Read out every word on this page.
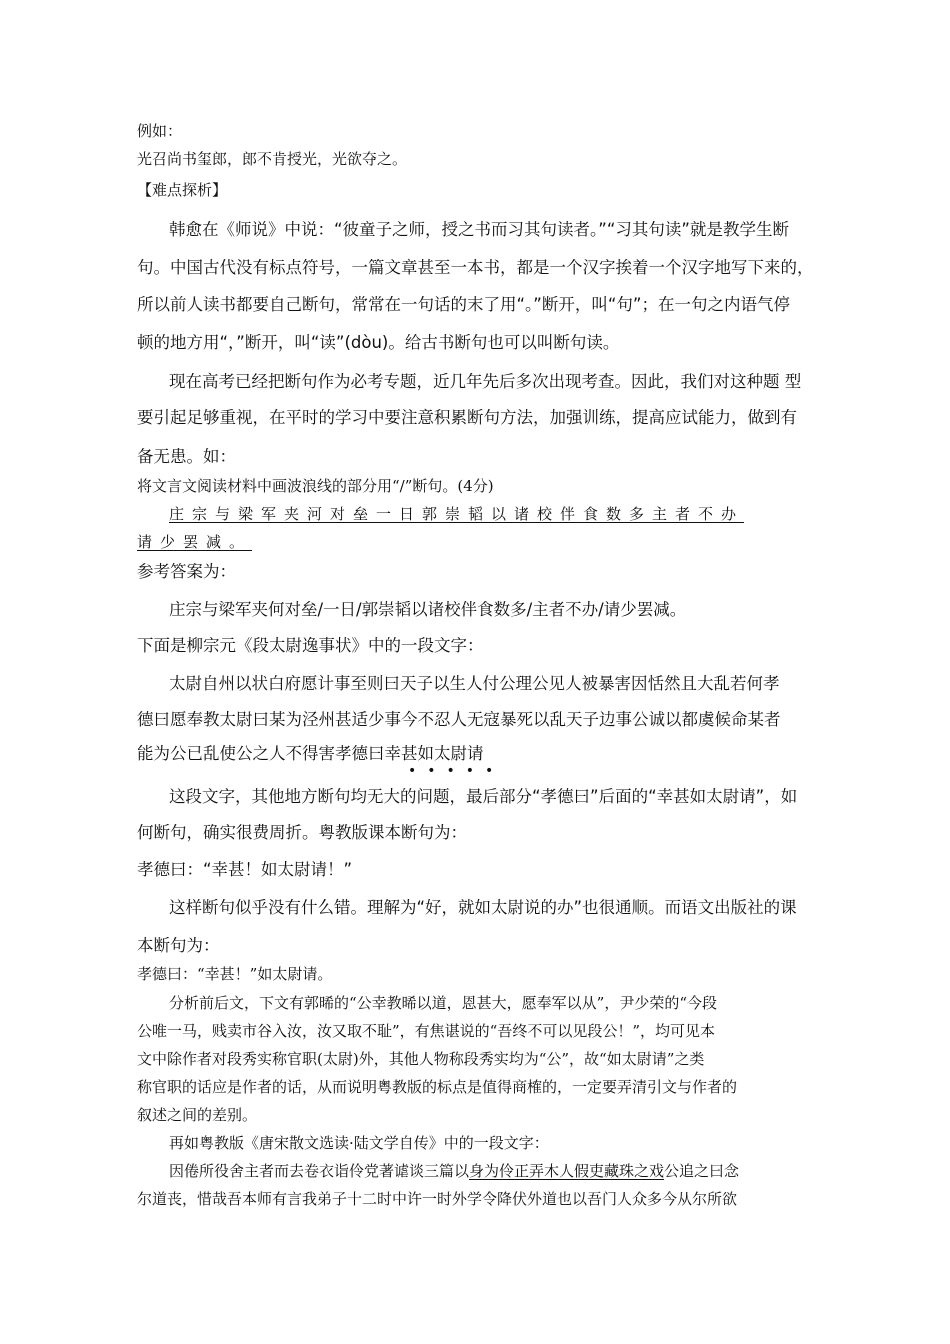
例如：
光召尚书玺郎，郎不肯授光，光欲夺之。
【难点探析】
韩愈在《师说》中说：“彼童子之师，授之书而习其句读者。”“习其句读”就是教学生断
句。中国古代没有标点符号，一篇文章甚至一本书，都是一个汉字挨着一个汉字地写下来的，
所以前人读书都要自己断句，常常在一句话的末了用“。”断开，叫“句”；在一句之内语气停
顿的地方用“，”断开，叫“读”(dòu)。给古书断句也可以叫断句读。
现在高考已经把断句作为必考专题，近几年先后多次出现考查。因此，我们对这种题 型
要引起足够重视，在平时的学习中要注意积累断句方法，加强训练，提高应试能力，做到有
备无患。如：
将文言文阅读材料中画波浪线的部分用“/”断句。(4分)
庄宗与梁军夹河对垒一日郭崇韬以诸校伴食数多主者不办
请少罢减。
参考答案为：
庄宗与梁军夹何对垒/一日/郭崇韬以诸校伴食数多/主者不办/请少罢减。
下面是柳宗元《段太尉逸事状》中的一段文字：
太尉自州以状白府愿计事至则曰天子以生人付公理公见人被暴害因恬然且大乱若何孝
德曰愿奉教太尉曰某为泾州甚适少事今不忍人无寇暴死以乱天子边事公诚以都虞候命某者
能为公已乱使公之人不得害孝德曰幸甚如太尉请
•••••
这段文字，其他地方断句均无大的问题，最后部分“孝德曰”后面的“幸甚如太尉请”，如
何断句，确实很费周折。粤教版课本断句为：
孝德曰：“幸甚！如太尉请！”
这样断句似乎没有什么错。理解为“好，就如太尉说的办”也很通顺。而语文出版社的课
本断句为：
孝德曰：“幸甚！”如太尉请。
分析前后文，下文有郭晞的“公幸教晞以道，恩甚大，愿奉军以从”，尹少荣的“今段
公唯一马，贱卖市谷入汝，汝又取不耻”，有焦谌说的“吾终不可以见段公！”，均可见本
文中除作者对段秀实称官职(太尉)外，其他人物称段秀实均为“公”，故“如太尉请”之类
称官职的话应是作者的话，从而说明粤教版的标点是值得商榷的，一定要弄清引文与作者的
叙述之间的差别。
再如粤教版《唐宋散文选读·陆文学自传》中的一段文字：
因倦所役舍主者而去卷衣诣伶党著谑谈三篇以身为伶正弄木人假吏藏珠之戏公追之曰念
尔道丧，惜哉吾本师有言我弟子十二时中许一时外学令降伏外道也以吾门人众多今从尔所欲
